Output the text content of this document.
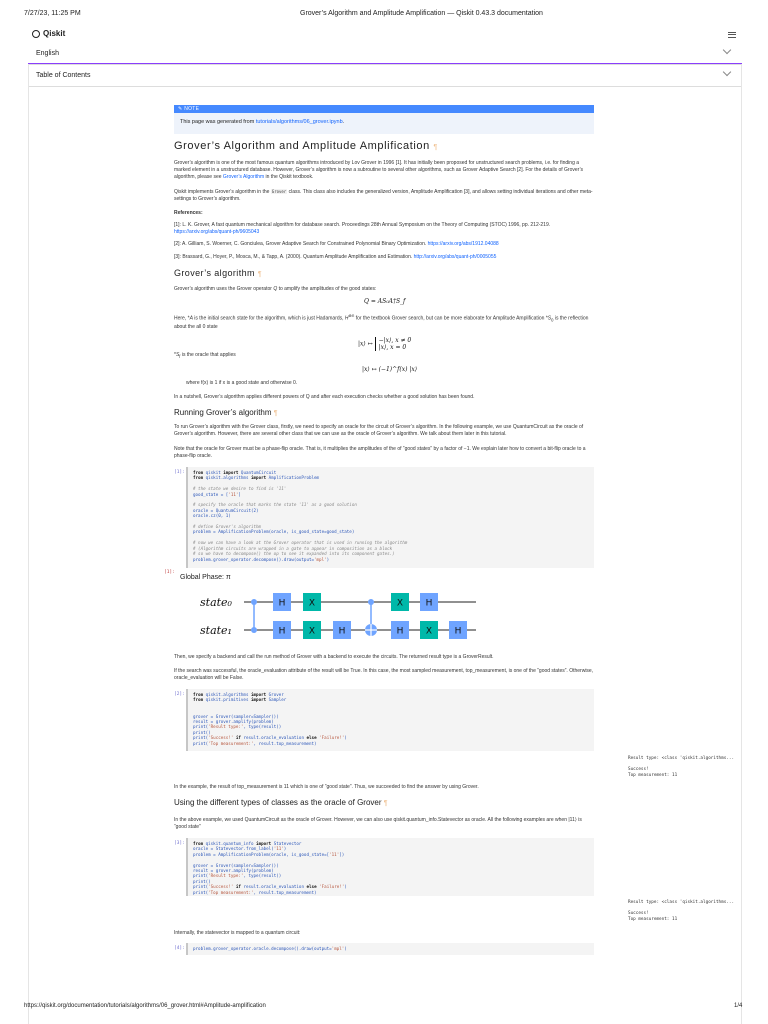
7/27/23, 11:25 PM	Grover’s Algorithm and Amplitude Amplification — Qiskit 0.43.3 documentation
Qiskit
English
Table of Contents
✎ NOTE
This page was generated from tutorials/algorithms/06_grover.ipynb.
Grover’s Algorithm and Amplitude Amplification ¶

Grover’s algorithm is one of the most famous quantum algorithms introduced by Lov Grover in 1996 [1]. It has initially been proposed for unstructured search problems, i.e. for finding a marked element in a unstructured database. However, Grover’s algorithm is now a subroutine to several other algorithms, such as Grover Adaptive Search [2]. For the details of Grover’s algorithm, please see Grover’s Algorithm in the Qiskit textbook.

Qiskit implements Grover’s algorithm in the Grover class. This class also includes the generalized version, Amplitude Amplification [3], and allows setting individual iterations and other meta-settings to Grover’s algorithm.

References:

[1]: L. K. Grover, A fast quantum mechanical algorithm for database search. Proceedings 28th Annual Symposium on the Theory of Computing (STOC) 1996, pp. 212-219.
https://arxiv.org/abs/quant-ph/9605043

[2]: A. Gilliam, S. Woerner, C. Gonciulea, Grover Adaptive Search for Constrained Polynomial Binary Optimization. https://arxiv.org/abs/1912.04088

[3]: Brassard, G., Hoyer, P., Mosca, M., & Tapp, A. (2000). Quantum Amplitude Amplification and Estimation. http://arxiv.org/abs/quant-ph/0005055

Grover’s algorithm ¶

Grover’s algorithm uses the Grover operator Q to amplify the amplitudes of the good states:

Q = AS₀A†S_f

Here, *A is the initial search state for the algorithm, which is just Hadamards, $H^{\otimes n}$ for the textbook Grover search, but can be more elaborate for Amplitude Amplification $*S_0$ is the reflection about the all 0 state

|x⟩ ↦ −|x⟩, x ≠ 0
|x⟩, x = 0

$*S_f$ is the oracle that applies

|x⟩ ↦ (−1)^f(x) |x⟩

where f(x) is 1 if x is a good state and otherwise 0.

In a nutshell, Grover’s algorithm applies different powers of Q and after each execution checks whether a good solution has been found.

Running Grover’s algorithm ¶

To run Grover’s algorithm with the Grover class, firstly, we need to specify an oracle for the circuit of Grover’s algorithm. In the following example, we use QuantumCircuit as the oracle of Grover’s algorithm. However, there are several other class that we can use as the oracle of Grover’s algorithm. We talk about them later in this tutorial.

Note that the oracle for Grover must be a phase-flip oracle. That is, it multiplies the amplitudes of the of “good states” by a factor of −1. We explain later how to convert a bit-flip oracle to a phase-flip oracle.

[1]: from qiskit import QuantumCircuit
from qiskit.algorithms import AmplificationProblem

# the state we desire to find is '11'
good_state = ['11']

# specify the oracle that marks the state '11' as a good solution
oracle = QuantumCircuit(2)
oracle.cz(0, 1)

# define Grover's algorithm
problem = AmplificationProblem(oracle, is_good_state=good_state)

# now we can have a look at the Grover operator that is used in running the algorithm
# (Algorithm circuits are wrapped in a gate to appear in composition as a block
# so we have to decompose() the op to see it expanded into its component gates.)
problem.grover_operator.decompose().draw(output='mpl')
[1]:
Global Phase: π
state₀
state₁
H	X	X	H
H	X	H	H	X	H

Then, we specify a backend and call the run method of Grover with a backend to execute the circuits. The returned result type is a GroverResult.

If the search was successful, the oracle_evaluation attribute of the result will be True. In this case, the most sampled measurement, top_measurement, is one of the “good states”. Otherwise, oracle_evaluation will be False.

[2]: from qiskit.algorithms import Grover
from qiskit.primitives import Sampler

grover = Grover(sampler=Sampler())
result = grover.amplify(problem)
print('Result type:', type(result))
print()
print('Success!' if result.oracle_evaluation else 'Failure!')
print('Top measurement:', result.top_measurement)
Result type: <class 'qiskit.algorithms...

Success!
Top measurement: 11

In the example, the result of top_measurement is 11 which is one of “good state”. Thus, we succeeded to find the answer by using Grover.

Using the different types of classes as the oracle of Grover ¶

In the above example, we used QuantumCircuit as the oracle of Grover. However, we can also use qiskit.quantum_info.Statevector as oracle. All the following examples are when |11⟩ is “good state”

[3]: from qiskit.quantum_info import Statevector
oracle = Statevector.from_label('11')
problem = AmplificationProblem(oracle, is_good_state=['11'])

grover = Grover(sampler=Sampler())
result = grover.amplify(problem)
print('Result type:', type(result))
print()
print('Success!' if result.oracle_evaluation else 'Failure!')
print('Top measurement:', result.top_measurement)
Result type: <class 'qiskit.algorithms...

Success!
Top measurement: 11

Internally, the statevector is mapped to a quantum circuit:

[4]: problem.grover_operator.oracle.decompose().draw(output='mpl')
https://qiskit.org/documentation/tutorials/algorithms/06_grover.html#Amplitude-amplification	1/4
